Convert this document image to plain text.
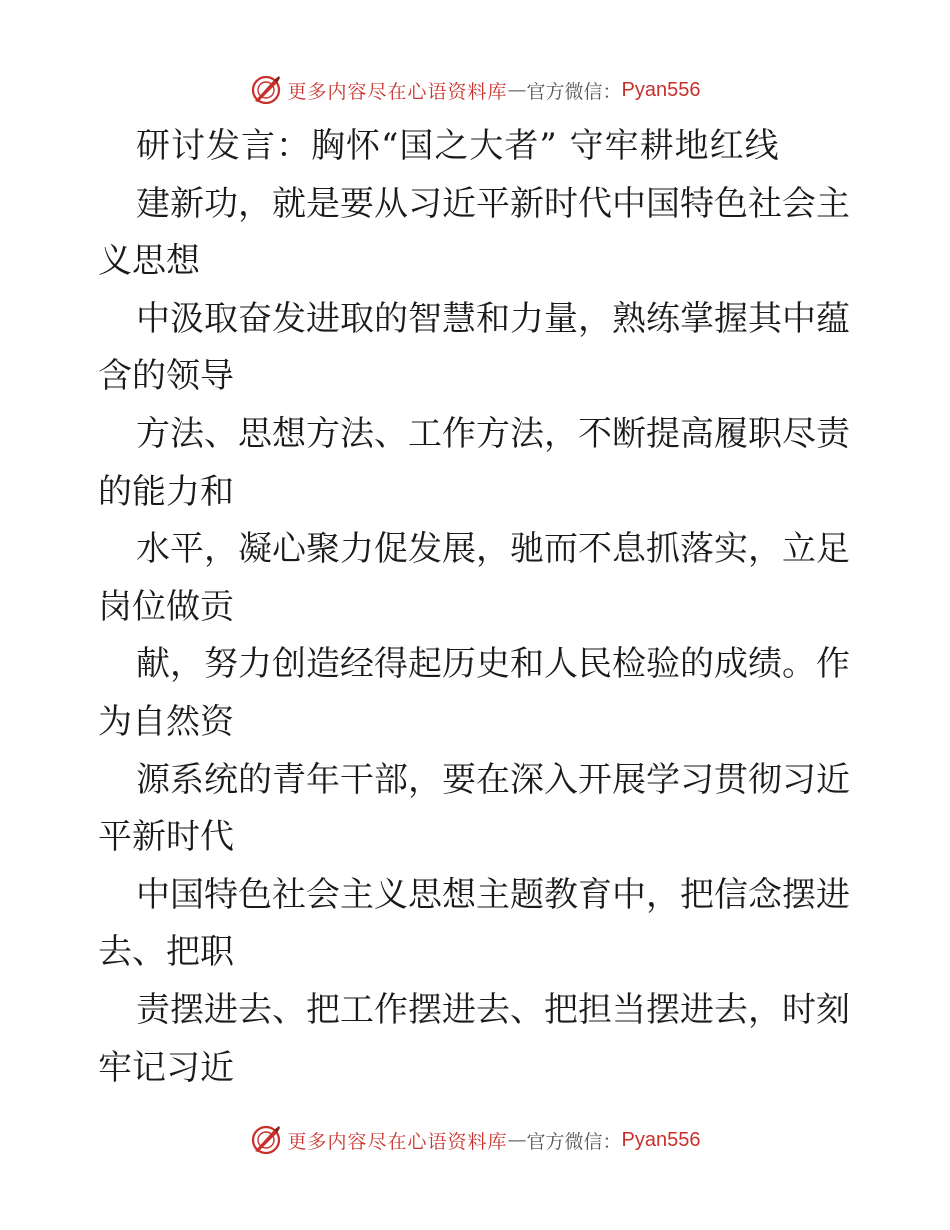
更多内容尽在心语资料库 — 官方微信： Pyan556
研讨发言：胸怀“国之大者” 守牢耕地红线
建新功，就是要从习近平新时代中国特色社会主
义思想
中汲取奋发进取的智慧和力量，熟练掌握其中蕴
含的领导
方法、思想方法、工作方法，不断提高履职尽责
的能力和
水平，凝心聚力促发展，驰而不息抓落实，立足
岗位做贡
献，努力创造经得起历史和人民检验的成绩。作
为自然资
源系统的青年干部，要在深入开展学习贯彻习近
平新时代
中国特色社会主义思想主题教育中，把信念摆进
去、把职
责摆进去、把工作摆进去、把担当摆进去，时刻
牢记习近
更多内容尽在心语资料库 — 官方微信： Pyan556
